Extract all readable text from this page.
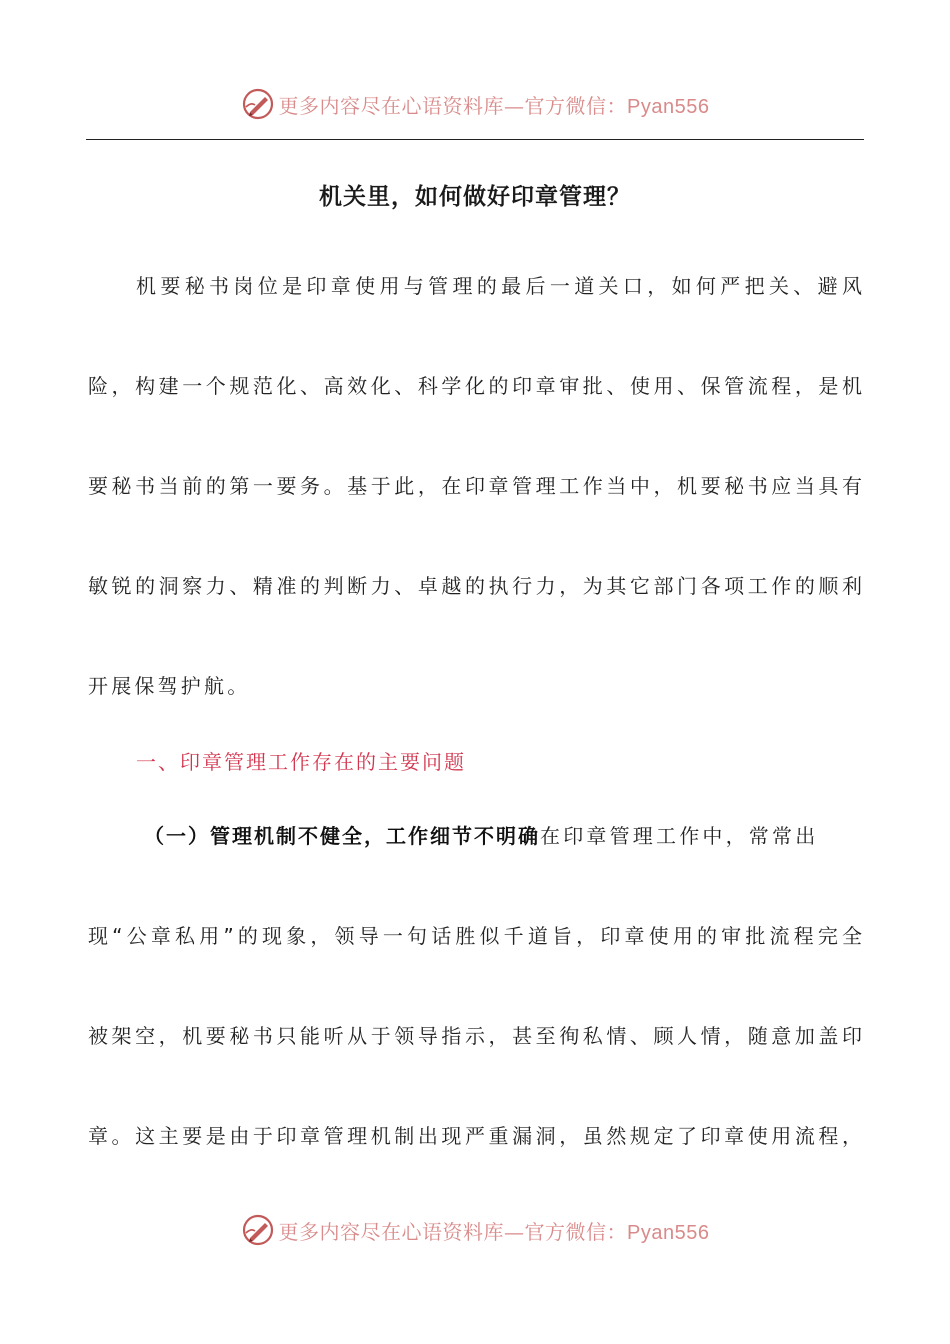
更多内容尽在心语资料库—官方微信：Pyan556
机关里，如何做好印章管理？
机要秘书岗位是印章使用与管理的最后一道关口，如何严把关、避风
险，构建一个规范化、高效化、科学化的印章审批、使用、保管流程，是机
要秘书当前的第一要务。基于此，在印章管理工作当中，机要秘书应当具有
敏锐的洞察力、精准的判断力、卓越的执行力，为其它部门各项工作的顺利
开展保驾护航。
一、印章管理工作存在的主要问题
（一）管理机制不健全，工作细节不明确在印章管理工作中，常常出
现“公章私用”的现象，领导一句话胜似千道旨，印章使用的审批流程完全
被架空，机要秘书只能听从于领导指示，甚至徇私情、顾人情，随意加盖印
章。这主要是由于印章管理机制出现严重漏洞，虽然规定了印章使用流程，
更多内容尽在心语资料库—官方微信：Pyan556
